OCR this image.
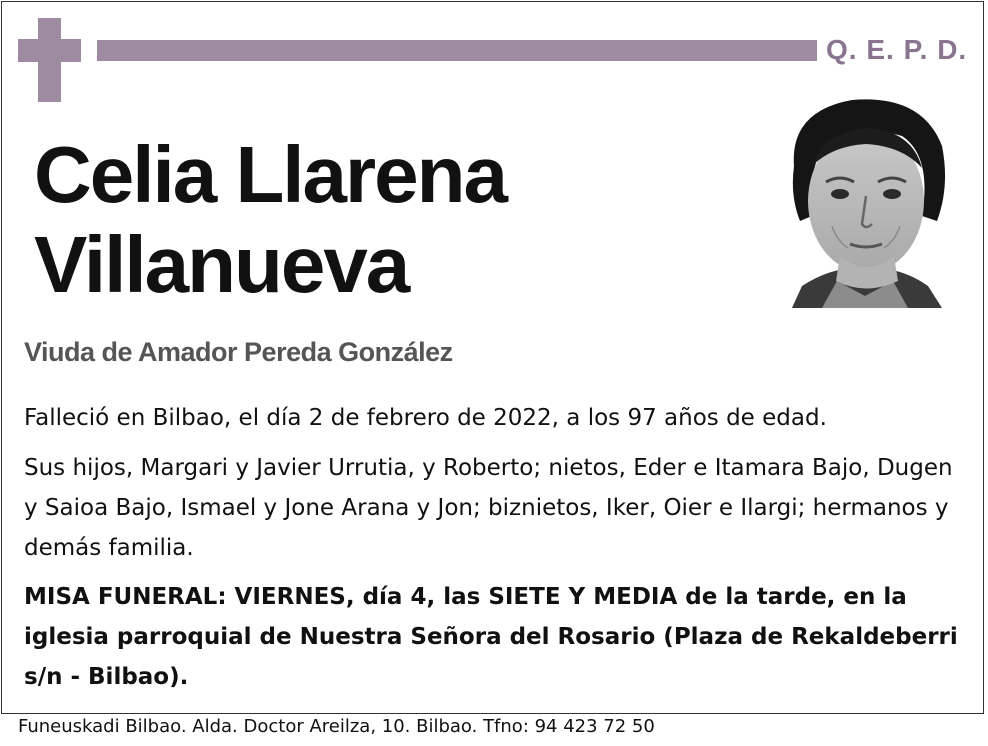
Q. E. P. D.
Celia Llarena
Villanueva
Viuda de Amador Pereda González
Falleció en Bilbao, el día 2 de febrero de 2022, a los 97 años de edad.
Sus hijos, Margari y Javier Urrutia, y Roberto; nietos, Eder e Itamara Bajo, Dugen y Saioa Bajo, Ismael y Jone Arana y Jon; biznietos, Iker, Oier e Ilargi; hermanos y demás familia.
MISA FUNERAL: VIERNES, día 4, las SIETE Y MEDIA de la tarde, en la iglesia parroquial de Nuestra Señora del Rosario (Plaza de Rekaldeberri s/n - Bilbao).
Funeuskadi Bilbao. Alda. Doctor Areilza, 10. Bilbao. Tfno: 94 423 72 50
